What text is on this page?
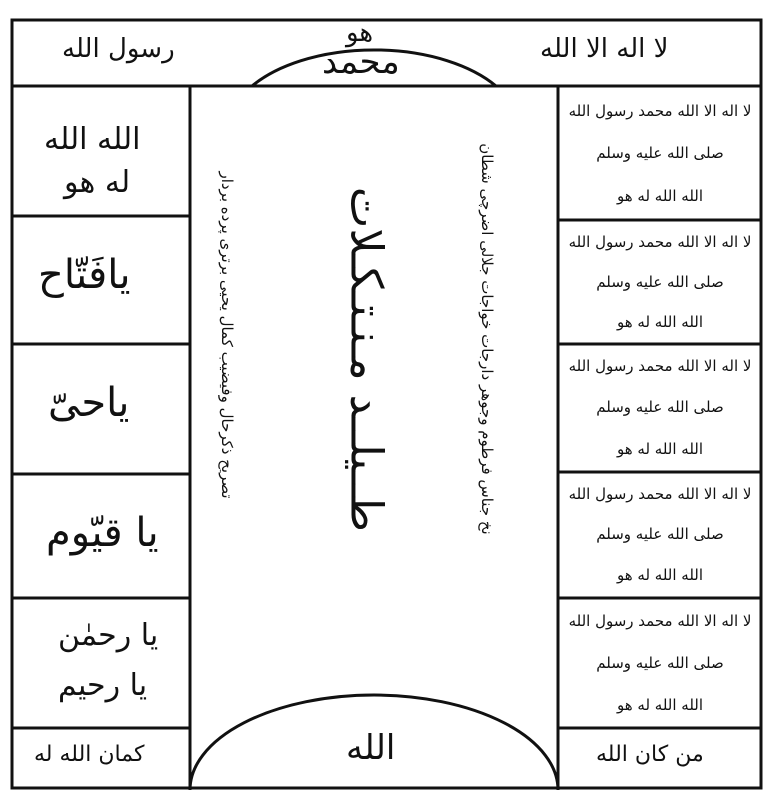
رسول الله
هو
محمد	لا اله الا الله
الله الله
له هو
يافَتّاح
ياحیّ
یا قیّوم
یا رحمٰن
یا رحیم
کمان الله له
تصریح ذکرحال وفیضیب کمال یحیی برتری پرده بردار طــیلــد مـنـتـکـلات	نخ جناس فرطوم وجوهر دارجات خواجات جلالی اضرچی شطان
الله
لا اله الا الله محمد رسول الله
صلی الله علیه وسلم
الله الله له هو
لا اله الا الله محمد رسول الله
صلی الله علیه وسلم
الله الله له هو
لا اله الا الله محمد رسول الله
صلی الله علیه وسلم
الله الله له هو
لا اله الا الله محمد رسول الله
صلی الله علیه وسلم
الله الله له هو
لا اله الا الله محمد رسول الله
صلی الله علیه وسلم
الله الله له هو
من كان الله
